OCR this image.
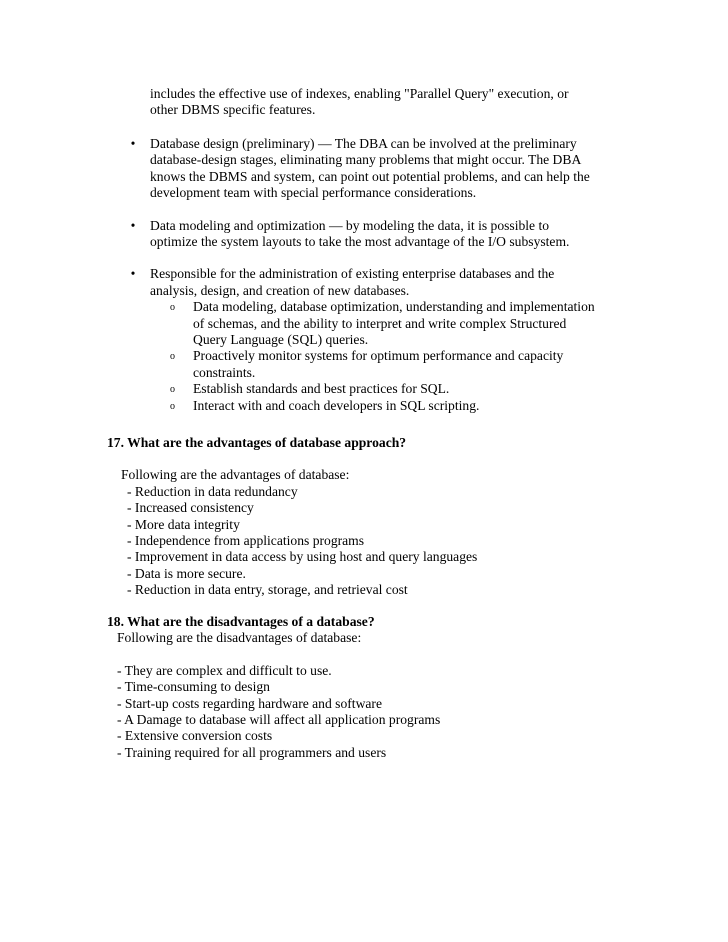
includes the effective use of indexes, enabling "Parallel Query" execution, or
other DBMS specific features.
•	Database design (preliminary) — The DBA can be involved at the preliminary
database-design stages, eliminating many problems that might occur. The DBA
knows the DBMS and system, can point out potential problems, and can help the
development team with special performance considerations.
•	Data modeling and optimization — by modeling the data, it is possible to
optimize the system layouts to take the most advantage of the I/O subsystem.
•	Responsible for the administration of existing enterprise databases and the
analysis, design, and creation of new databases.
o Data modeling, database optimization, understanding and implementation
of schemas, and the ability to interpret and write complex Structured
Query Language (SQL) queries.
o Proactively monitor systems for optimum performance and capacity
constraints.
o Establish standards and best practices for SQL.
o Interact with and coach developers in SQL scripting.
17. What are the advantages of database approach?
Following are the advantages of database:
- Reduction in data redundancy
- Increased consistency
- More data integrity
- Independence from applications programs
- Improvement in data access by using host and query languages
- Data is more secure.
- Reduction in data entry, storage, and retrieval cost
18. What are the disadvantages of a database?
Following are the disadvantages of database:
- They are complex and difficult to use.
- Time-consuming to design
- Start-up costs regarding hardware and software
- A Damage to database will affect all application programs
- Extensive conversion costs
- Training required for all programmers and users
